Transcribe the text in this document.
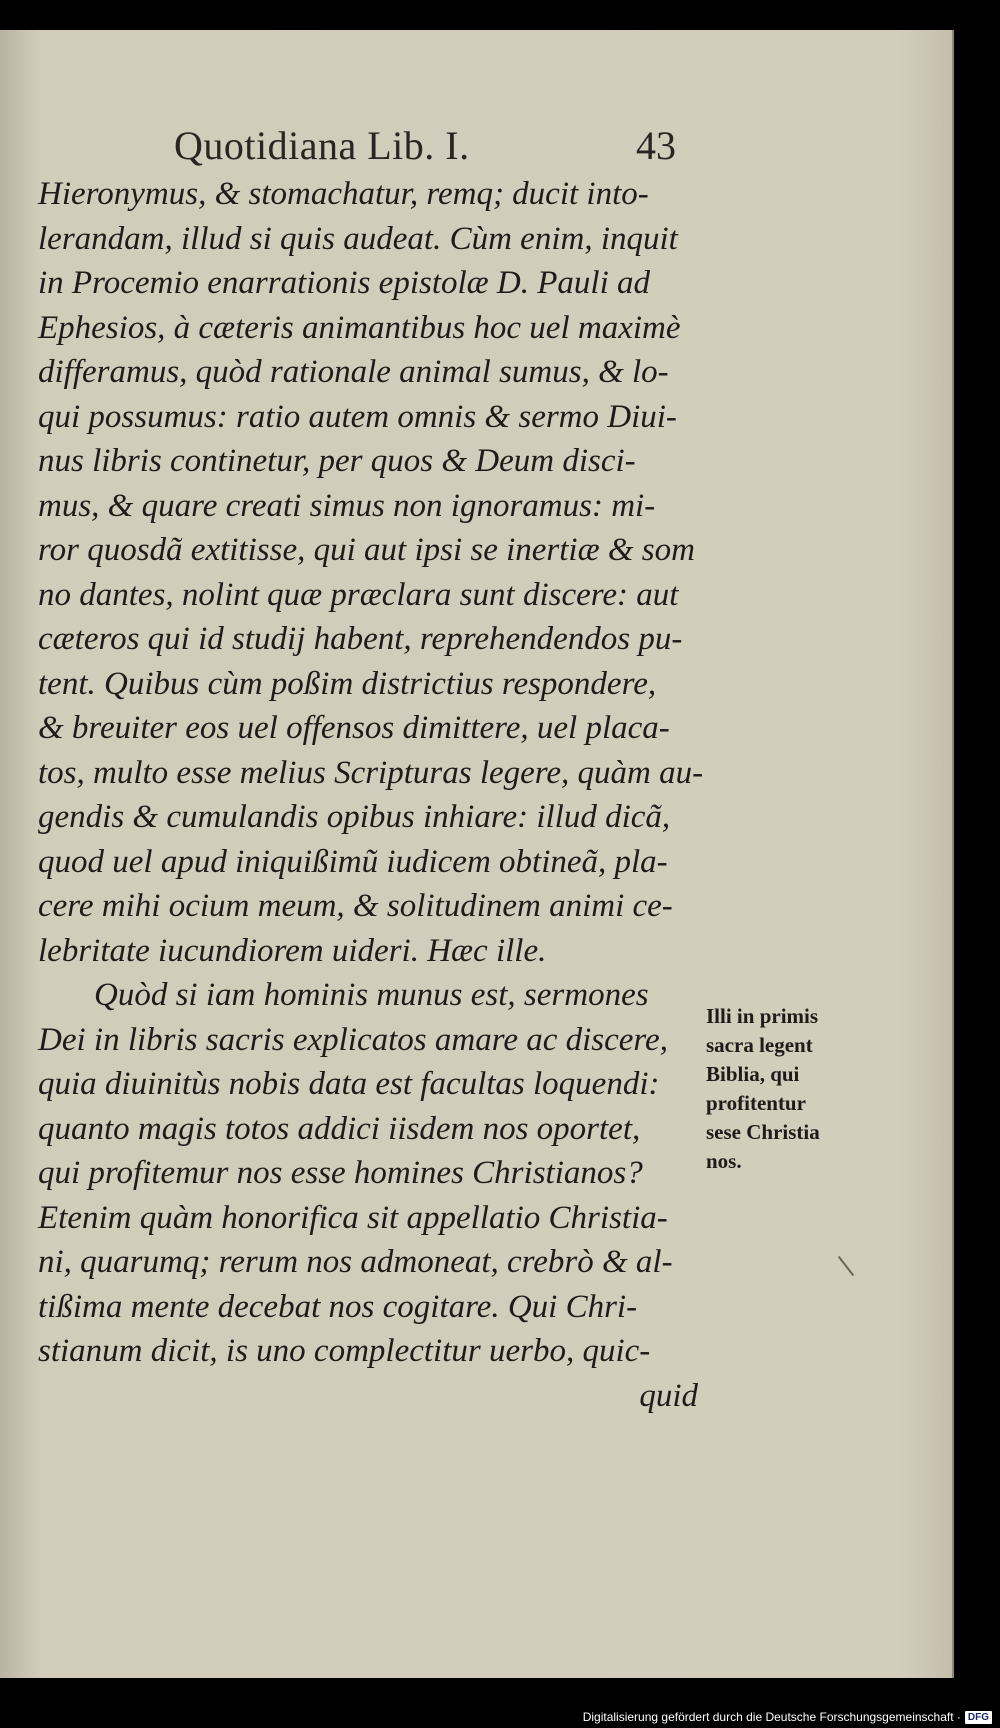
Quotidiana Lib. I.	43
Hieronymus, & stomachatur, remq; ducit into-
lerandam, illud si quis audeat. Cùm enim, inquit
in Procemio enarrationis epistolæ D. Pauli ad
Ephesios, à cæteris animantibus hoc uel maximè
differamus, quòd rationale animal sumus, & lo-
qui possumus: ratio autem omnis & sermo Diui-
nus libris continetur, per quos & Deum disci-
mus, & quare creati simus non ignoramus: mi-
ror quosdã extitisse, qui aut ipsi se inertiæ & som
no dantes, nolint quæ præclara sunt discere: aut
cæteros qui id studij habent, reprehendendos pu-
tent. Quibus cùm poßim districtius respondere,
& breuiter eos uel offensos dimittere, uel placa-
tos, multo esse melius Scripturas legere, quàm au-
gendis & cumulandis opibus inhiare: illud dicã,
quod uel apud iniquißimũ iudicem obtineã, pla-
cere mihi ocium meum, & solitudinem animi ce-
lebritate iucundiorem uideri. Hæc ille.
Quòd si iam hominis munus est, sermones
Dei in libris sacris explicatos amare ac discere,
quia diuinitùs nobis data est facultas loquendi:
quanto magis totos addici iisdem nos oportet,
qui profitemur nos esse homines Christianos?
Etenim quàm honorifica sit appellatio Christia-
ni, quarumq; rerum nos admoneat, crebrò & al-
tißima mente decebat nos cogitare. Qui Chri-
stianum dicit, is uno complectitur uerbo, quic-
quid
Illi in primis
sacra legent
Biblia, qui
profitentur
sese Christia
nos.
Digitalisierung gefördert durch die Deutsche Forschungsgemeinschaft · DFG
